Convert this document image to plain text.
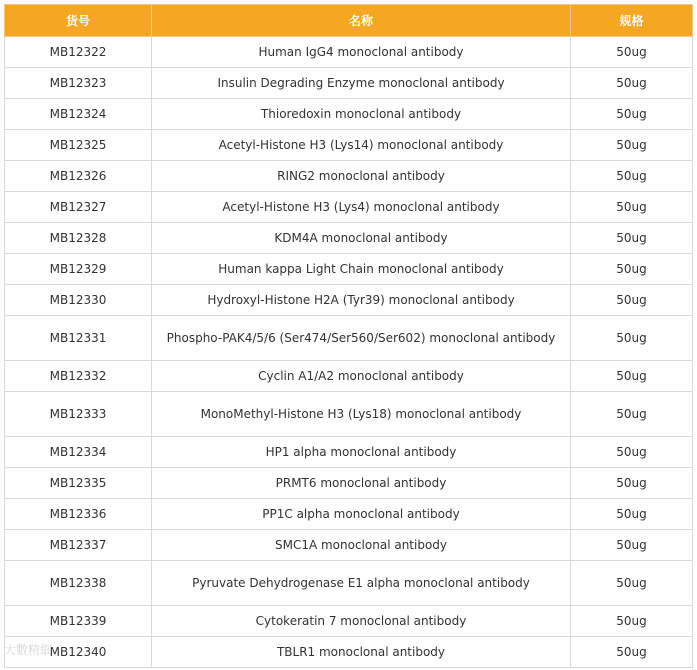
货号	名称	规格
MB12322	Human IgG4 monoclonal antibody	50ug
MB12323	Insulin Degrading Enzyme monoclonal antibody	50ug
MB12324	Thioredoxin monoclonal antibody	50ug
MB12325	Acetyl-Histone H3 (Lys14) monoclonal antibody	50ug
MB12326	RING2 monoclonal antibody	50ug
MB12327	Acetyl-Histone H3 (Lys4) monoclonal antibody	50ug
MB12328	KDM4A monoclonal antibody	50ug
MB12329	Human kappa Light Chain monoclonal antibody	50ug
MB12330	Hydroxyl-Histone H2A (Tyr39) monoclonal antibody	50ug
MB12331	Phospho-PAK4/5/6 (Ser474/Ser560/Ser602) monoclonal antibody	50ug
MB12332	Cyclin A1/A2 monoclonal antibody	50ug
MB12333	MonoMethyl-Histone H3 (Lys18) monoclonal antibody	50ug
MB12334	HP1 alpha monoclonal antibody	50ug
MB12335	PRMT6 monoclonal antibody	50ug
MB12336	PP1C alpha monoclonal antibody	50ug
MB12337	SMC1A monoclonal antibody	50ug
MB12338	Pyruvate Dehydrogenase E1 alpha monoclonal antibody	50ug
MB12339	Cytokeratin 7 monoclonal antibody	50ug
MB12340	TBLR1 monoclonal antibody	50ug
大數精細
